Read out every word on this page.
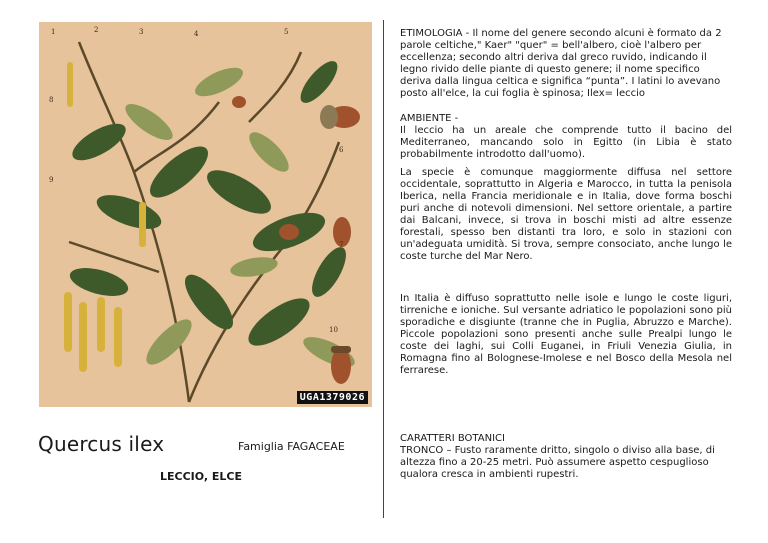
1	2	3	4	5
6
7
8
9
10
UGA1379026
Quercus ilex	Famiglia FAGACEAE
LECCIO, ELCE

ETIMOLOGIA - Il nome del genere secondo alcuni è formato da 2 parole celtiche," Kaer" "quer" = bell'albero, cioè l'albero per eccellenza; secondo altri deriva dal greco ruvido, indicando il legno rivido delle piante di questo genere; il nome specifico deriva dalla lingua celtica e significa “punta”. I latini lo avevano posto all'elce, la cui foglia è spinosa; Ilex= leccio

AMBIENTE -

Il leccio ha un areale che comprende tutto il bacino del Mediterraneo, mancando solo in Egitto (in Libia è stato probabilmente introdotto dall'uomo).

La specie è comunque maggiormente diffusa nel settore occidentale, soprattutto in Algeria e Marocco, in tutta la penisola Iberica, nella Francia meridionale e in Italia, dove forma boschi puri anche di notevoli dimensioni. Nel settore orientale, a partire dai Balcani, invece, si trova in boschi misti ad altre essenze forestali, spesso ben distanti tra loro, e solo in stazioni con un'adeguata umidità. Si trova, sempre consociato, anche lungo le coste turche del Mar Nero.

In Italia è diffuso soprattutto nelle isole e lungo le coste liguri, tirreniche e ioniche. Sul versante adriatico le popolazioni sono più sporadiche e disgiunte (tranne che in Puglia, Abruzzo e Marche). Piccole popolazioni sono presenti anche sulle Prealpi lungo le coste dei laghi, sui Colli Euganei, in Friuli Venezia Giulia, in Romagna fino al Bolognese-Imolese e nel Bosco della Mesola nel ferrarese.

CARATTERI BOTANICI

TRONCO – Fusto raramente dritto, singolo o diviso alla base, di altezza fino a 20-25 metri. Può assumere aspetto cespuglioso qualora cresca in ambienti rupestri.
